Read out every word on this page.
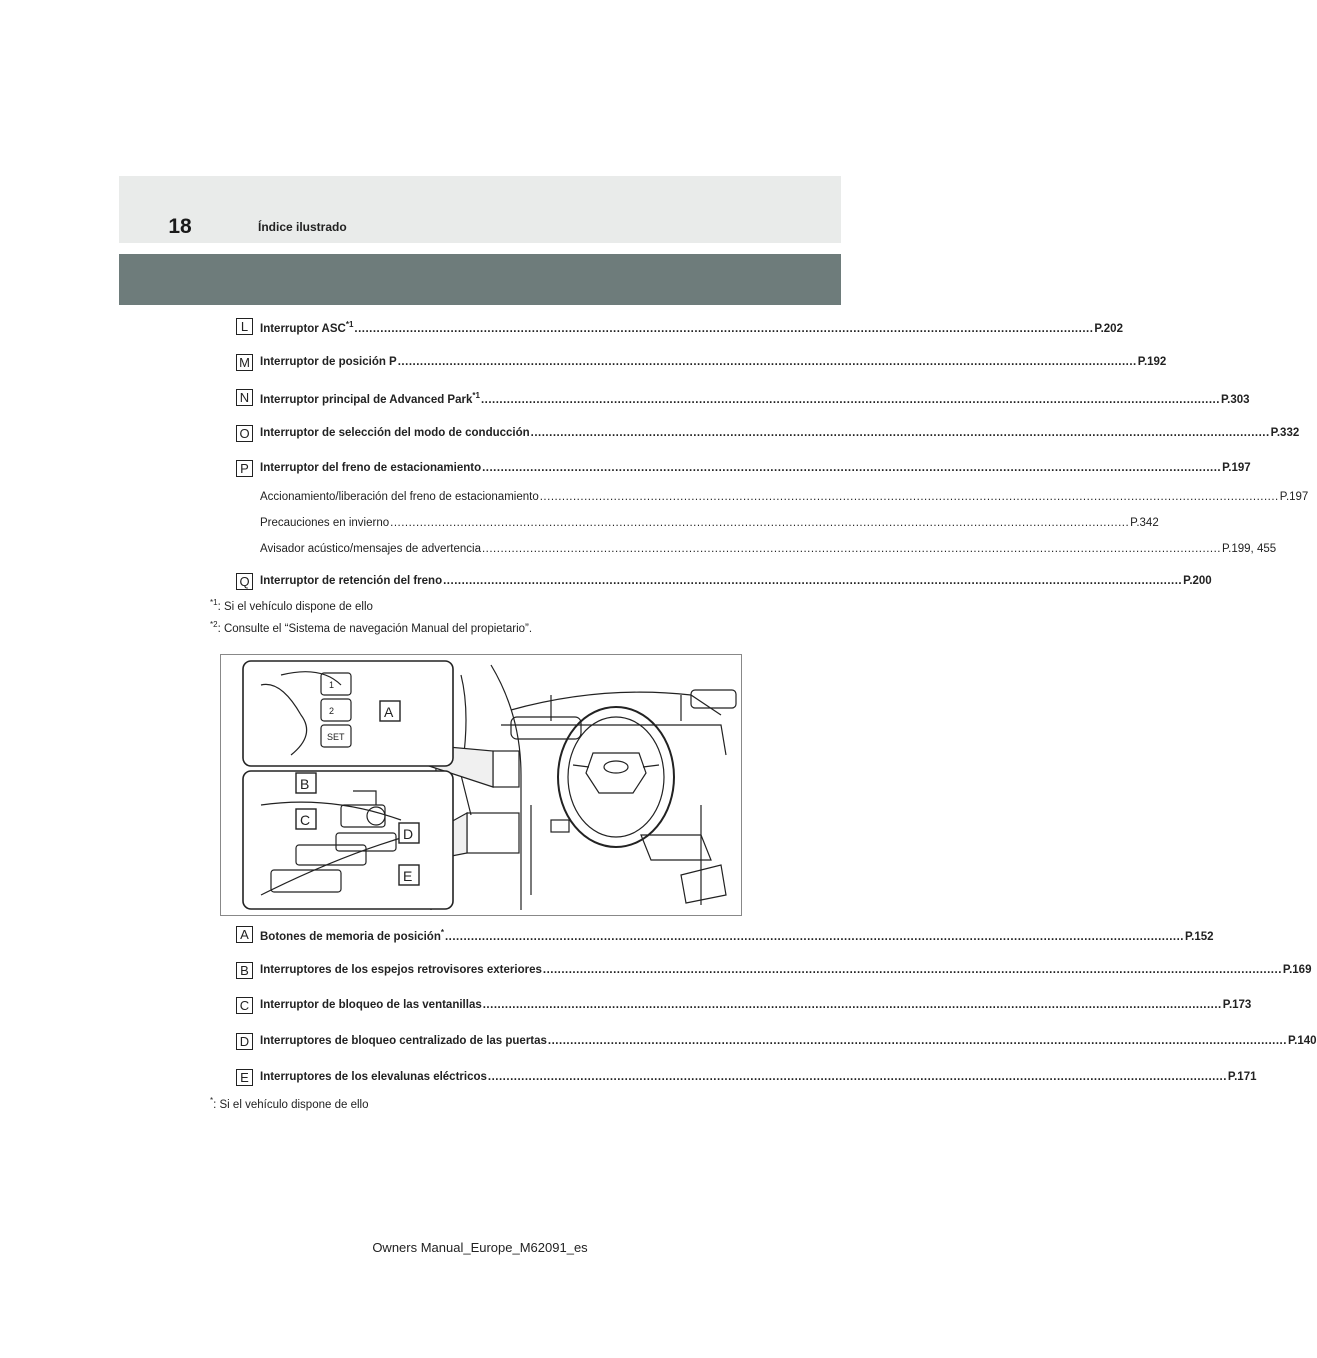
18	Índice ilustrado
L	Interruptor ASC$^{*1}$ ........................................................................................................................................................................................................ P.202
M Interruptor de posición P ........................................................................................................................................................................................................ P.192
N Interruptor principal de Advanced Park$^{*1}$ ........................................................................................................................................................................................................ P.303
O Interruptor de selección del modo de conducción ........................................................................................................................................................................................................ P.332
P Interruptor del freno de estacionamiento ........................................................................................................................................................................................................ P.197
Accionamiento/liberación del freno de estacionamiento ........................................................................................................................................................................................................ P.197
Precauciones en invierno ........................................................................................................................................................................................................ P.342
Avisador acústico/mensajes de advertencia ........................................................................................................................................................................................................ P.199, 455
Q Interruptor de retención del freno ........................................................................................................................................................................................................ P.200
$^{*1}$: Si el vehículo dispone de ello
$^{*2}$: Consulte el “Sistema de navegación Manual del propietario”.
1
2
SET
A
B
C
D
E
A Botones de memoria de posición* ........................................................................................................................................................................................................ P.152
B Interruptores de los espejos retrovisores exteriores ........................................................................................................................................................................................................ P.169
C Interruptor de bloqueo de las ventanillas ........................................................................................................................................................................................................ P.173
D Interruptores de bloqueo centralizado de las puertas ........................................................................................................................................................................................................ P.140
E Interruptores de los elevalunas eléctricos ........................................................................................................................................................................................................ P.171
*: Si el vehículo dispone de ello
Owners Manual_Europe_M62091_es
